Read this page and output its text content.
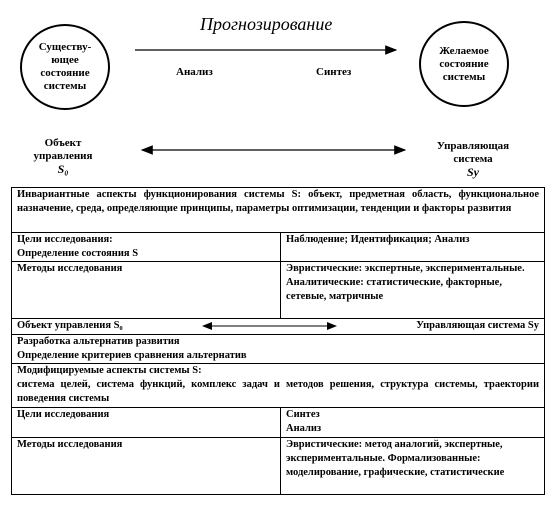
Прогнозирование
Существу-ющее состояние системы
Желаемое состояние системы
Анализ	Синтез
Объект управления
S₀
Управляющая система
Sу
Инвариантные аспекты функционирования системы S: объект, предметная область, функциональное назначение, среда, определяющие принципы, параметры оптимизации, тенденции и факторы развития	
Цели исследования:
Определение состояния S	Наблюдение; Идентификация; Анализ
Методы исследования	Эвристические: экспертные, экспериментальные. Аналитические: статистические, факторные, сетевые, матричные

Объект управления S₀ Управляющая система Sу	

Разработка альтернатив развития
Определение критериев сравнения альтернатив	
Модифицируемые аспекты системы S:
система целей, система функций, комплекс задач и методов решения, структура системы, траектории поведения системы	
Цели исследования	Синтез
Анализ
Методы исследования	Эвристические: метод аналогий, экспертные, экспериментальные. Формализованные: моделирование, графические, статистические
